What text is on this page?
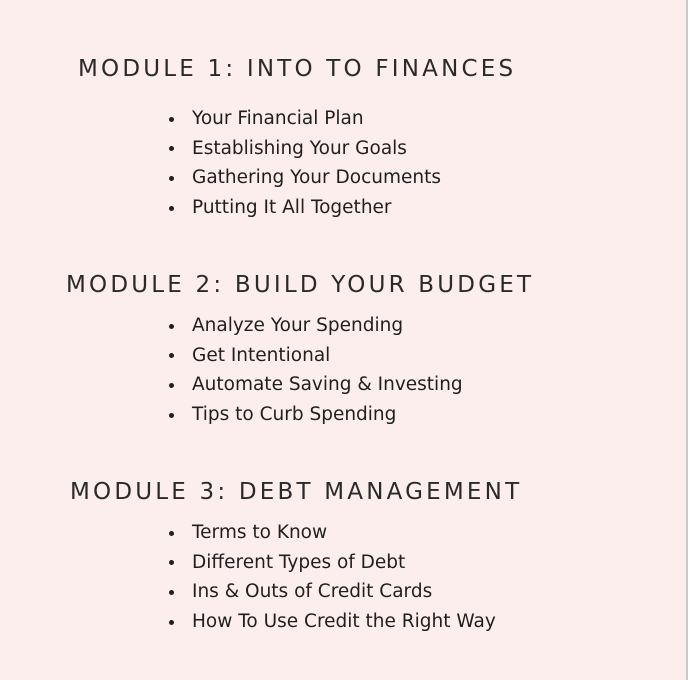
MODULE 1: INTO TO FINANCES
Your Financial Plan
Establishing Your Goals
Gathering Your Documents
Putting It All Together
MODULE 2: BUILD YOUR BUDGET
Analyze Your Spending
Get Intentional
Automate Saving & Investing
Tips to Curb Spending
MODULE 3: DEBT MANAGEMENT
Terms to Know
Different Types of Debt
Ins & Outs of Credit Cards
How To Use Credit the Right Way
